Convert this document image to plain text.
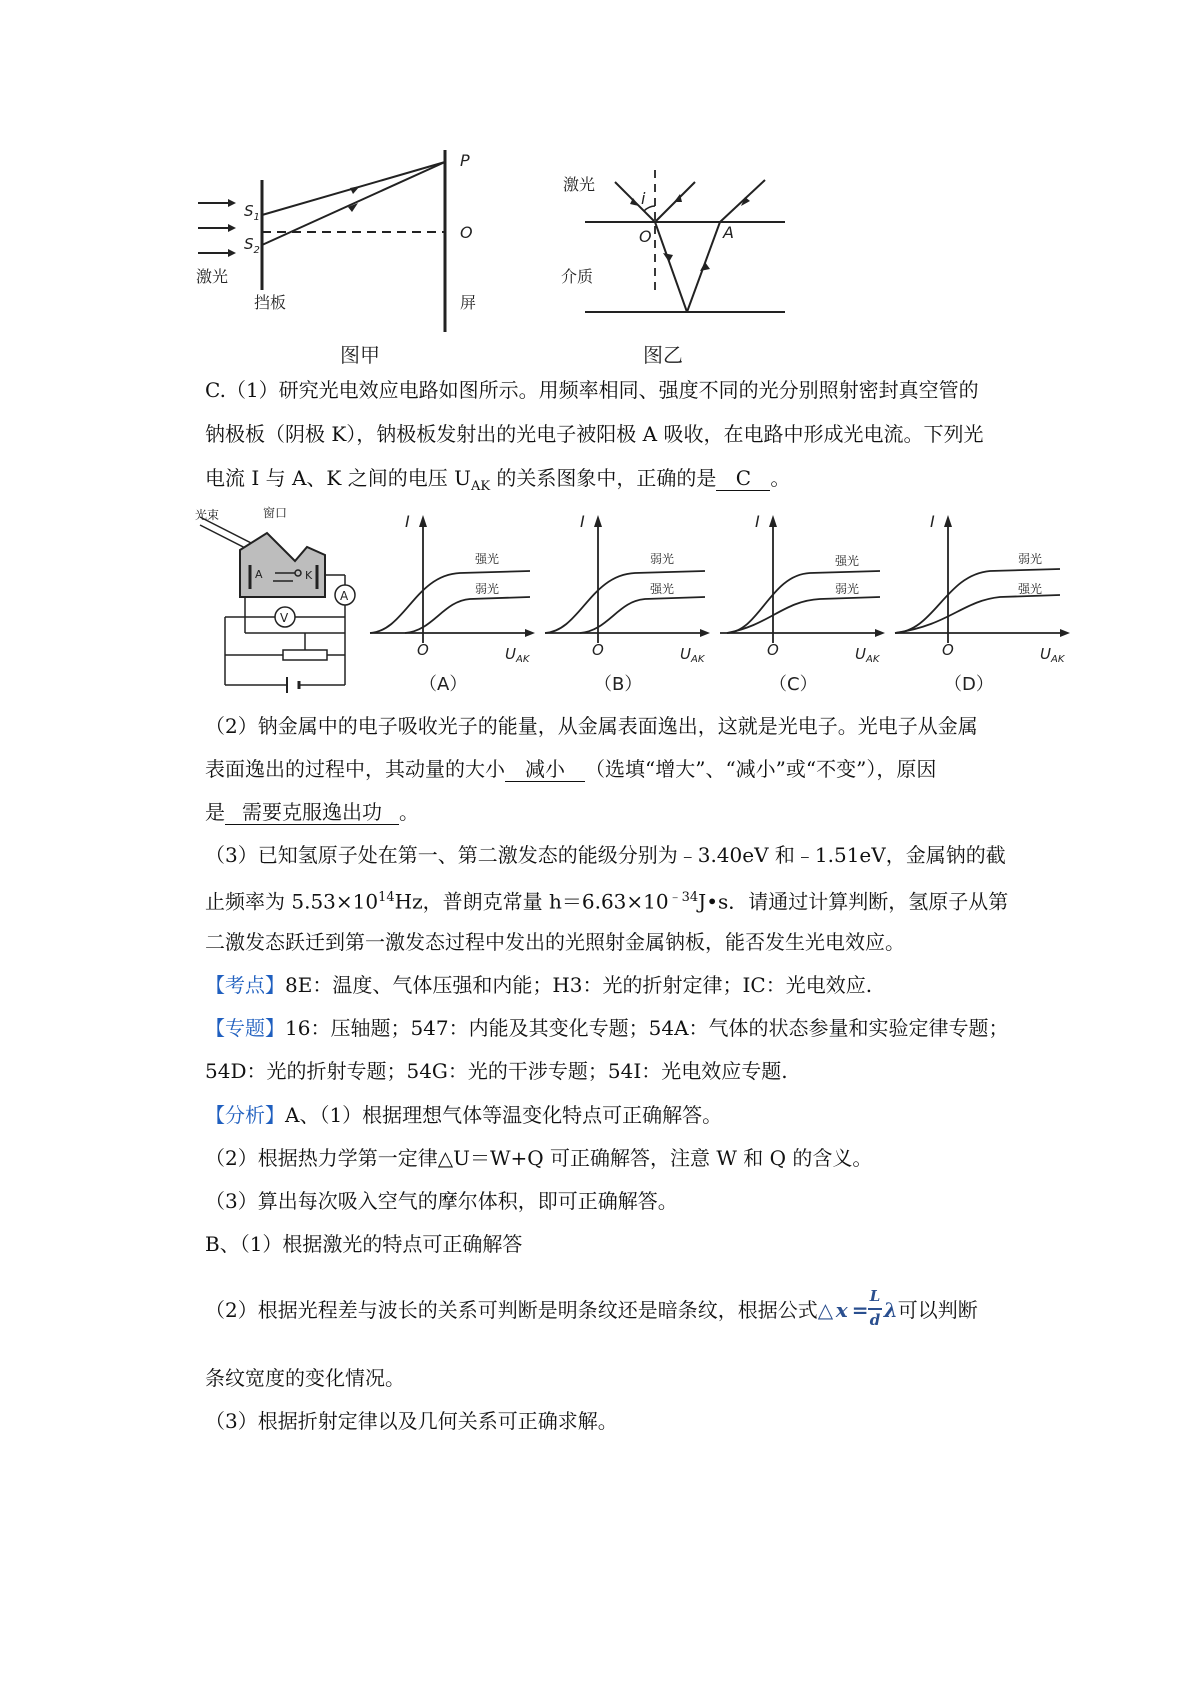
$S_1$
$S_2$
P
O
激光
挡板	屏
图甲
激光
i
O	A
介质
图乙
C.（1）研究光电效应电路如图所示。用频率相同、强度不同的光分别照射密封真空管的
钠极板（阴极 K），钠极板发射出的光电子被阳极 A 吸收，在电路中形成光电流。下列光
电流 I 与 A、K 之间的电压 $U_{AK}$ 的关系图象中，正确的是 C 。
A	K
光束	窗口
A
V
I
O	$U_{AK}$
强光
弱光
（A）
I
O	$U_{AK}$
弱光
强光
（B）
I
O	$U_{AK}$
强光
弱光
（C）
I
O	$U_{AK}$
弱光
强光
（D）
（2）钠金属中的电子吸收光子的能量，从金属表面逸出，这就是光电子。光电子从金属
表面逸出的过程中，其动量的大小 减小 （选填“增大”、“减小”或“不变”），原因
是 需要克服逸出功 。
（3）已知氢原子处在第一、第二激发态的能级分别为﹣3.40eV 和﹣1.51eV，金属钠的截
止频率为 $5.53\times 10^{14}Hz$，普朗克常量 $h=6.63\times 10^{﹣34}J•s$．请通过计算判断，氢原子从第
二激发态跃迁到第一激发态过程中发出的光照射金属钠板，能否发生光电效应。
【考点】8E：温度、气体压强和内能；H3：光的折射定律；IC：光电效应.
【专题】16：压轴题；547：内能及其变化专题；54A：气体的状态参量和实验定律专题；
54D：光的折射专题；54G：光的干涉专题；54I：光电效应专题.
【分析】A、（1）根据理想气体等温变化特点可正确解答。
（2）根据热力学第一定律△U＝W+Q 可正确解答，注意 W 和 Q 的含义。
（3）算出每次吸入空气的摩尔体积，即可正确解答。
B、（1）根据激光的特点可正确解答
（2）根据光程差与波长的关系可判断是明条纹还是暗条纹，根据公式 △ x =
L
d λ 可以判断
条纹宽度的变化情况。
（3）根据折射定律以及几何关系可正确求解。
